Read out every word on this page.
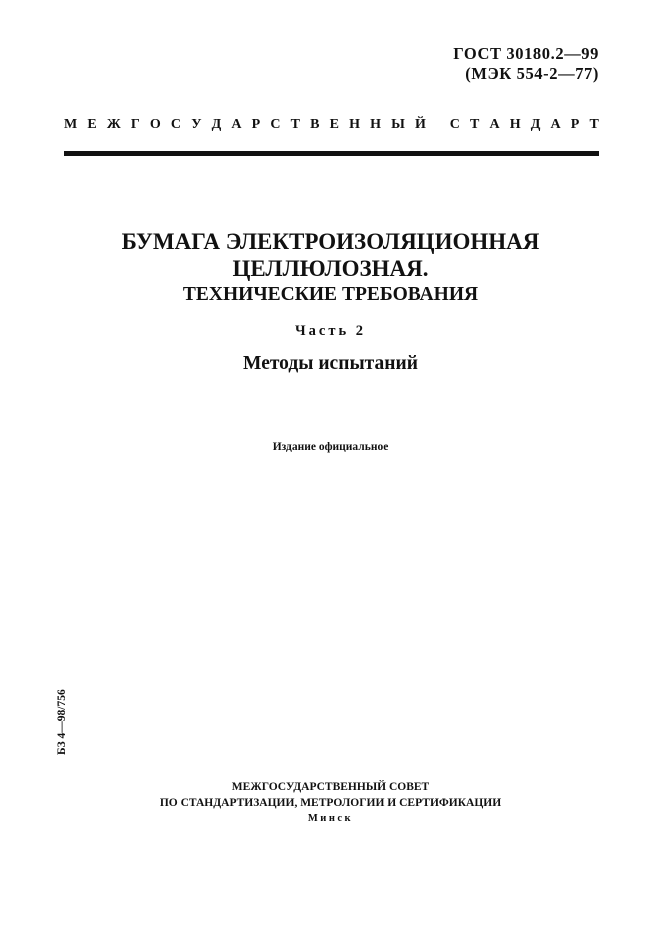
ГОСТ 30180.2—99
(МЭК 554-2—77)
М Е Ж Г О С У Д А Р С Т В Е Н Н Ы Й
С Т А Н Д А Р Т

БУМАГА ЭЛЕКТРОИЗОЛЯЦИОННАЯ

ЦЕЛЛЮЛОЗНАЯ.

ТЕХНИЧЕСКИЕ ТРЕБОВАНИЯ

Часть 2
Методы испытаний
Издание официальное
БЗ 4—98/756
МЕЖГОСУДАРСТВЕННЫЙ СОВЕТ
ПО СТАНДАРТИЗАЦИИ, МЕТРОЛОГИИ И СЕРТИФИКАЦИИ
Минск
